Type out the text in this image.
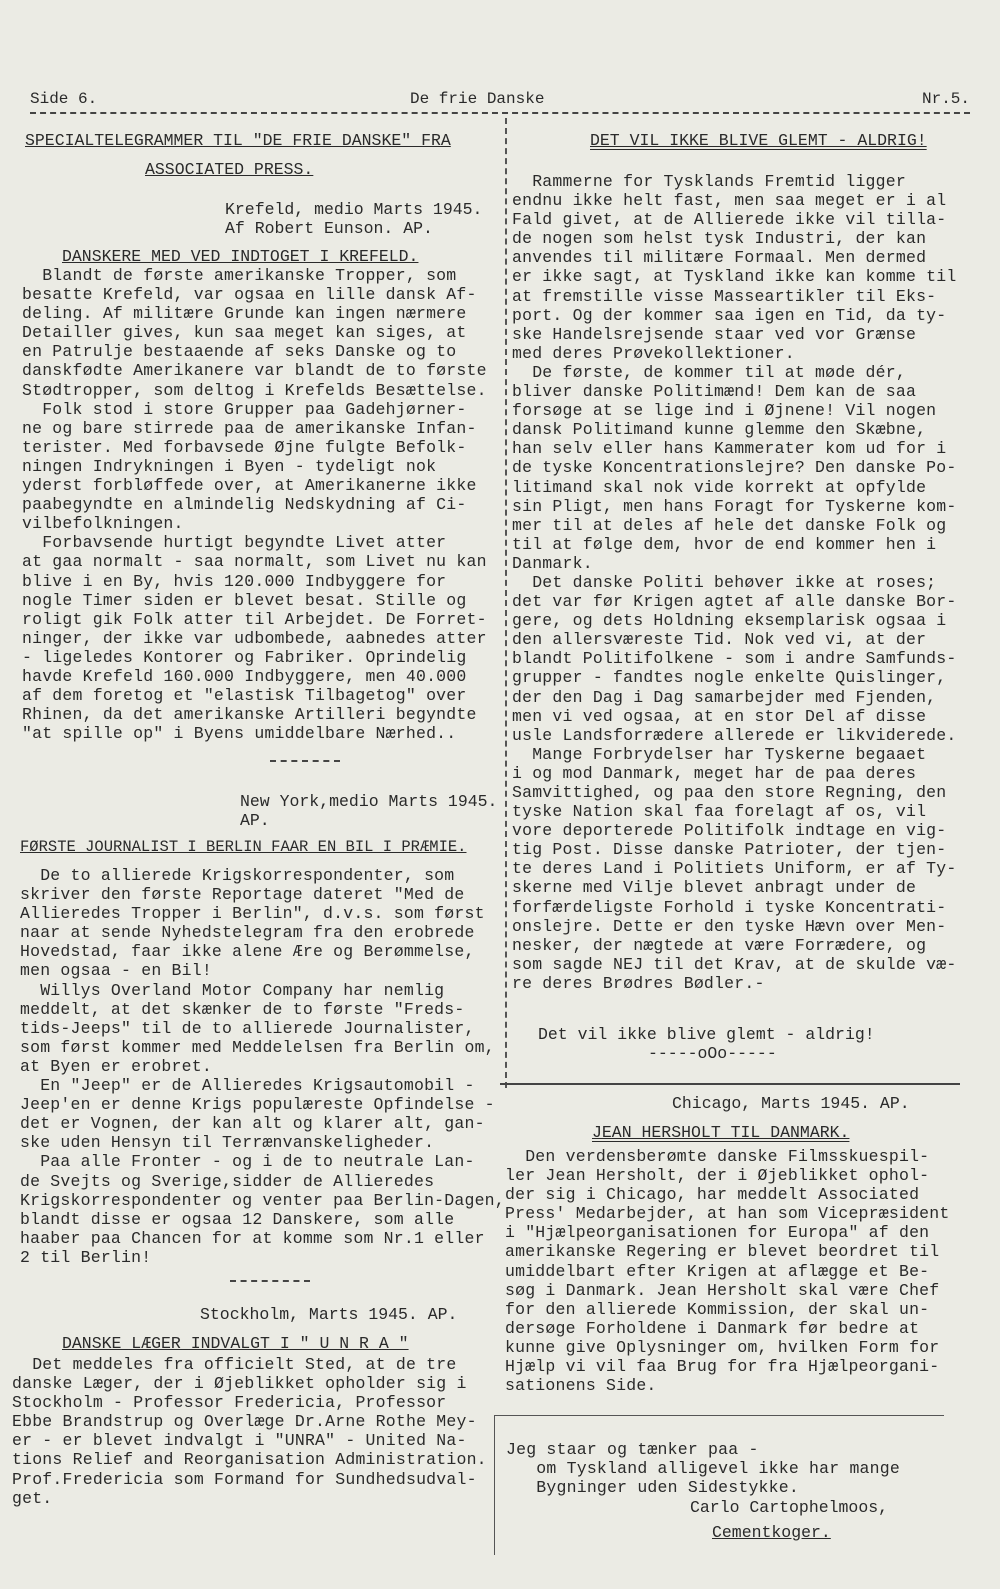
Side 6.	De frie Danske	Nr.5.
SPECIALTELEGRAMMER TIL "DE FRIE DANSKE" FRA
ASSOCIATED PRESS.
Krefeld, medio Marts 1945.
Af Robert Eunson. AP.
DANSKERE MED VED INDTOGET I KREFELD.
Blandt de første amerikanske Tropper, som
besatte Krefeld, var ogsaa en lille dansk Af-
deling. Af militære Grunde kan ingen nærmere
Detailler gives, kun saa meget kan siges, at
en Patrulje bestaaende af seks Danske og to
danskfødte Amerikanere var blandt de to første
Stødtropper, som deltog i Krefelds Besættelse.
Folk stod i store Grupper paa Gadehjørner-
ne og bare stirrede paa de amerikanske Infan-
terister. Med forbavsede Øjne fulgte Befolk-
ningen Indrykningen i Byen - tydeligt nok
yderst forbløffede over, at Amerikanerne ikke
paabegyndte en almindelig Nedskydning af Ci-
vilbefolkningen.
Forbavsende hurtigt begyndte Livet atter
at gaa normalt - saa normalt, som Livet nu kan
blive i en By, hvis 120.000 Indbyggere for
nogle Timer siden er blevet besat. Stille og
roligt gik Folk atter til Arbejdet. De Forret-
ninger, der ikke var udbombede, aabnedes atter
- ligeledes Kontorer og Fabriker. Oprindelig
havde Krefeld 160.000 Indbyggere, men 40.000
af dem foretog et "elastisk Tilbagetog" over
Rhinen, da det amerikanske Artilleri begyndte
"at spille op" i Byens umiddelbare Nærhed..
New York,medio Marts 1945.
AP.
FØRSTE JOURNALIST I BERLIN FAAR EN BIL I PRÆMIE.
De to allierede Krigskorrespondenter, som
skriver den første Reportage dateret "Med de
Allieredes Tropper i Berlin", d.v.s. som først
naar at sende Nyhedstelegram fra den erobrede
Hovedstad, faar ikke alene Ære og Berømmelse,
men ogsaa - en Bil!
Willys Overland Motor Company har nemlig
meddelt, at det skænker de to første "Freds-
tids-Jeeps" til de to allierede Journalister,
som først kommer med Meddelelsen fra Berlin om,
at Byen er erobret.
En "Jeep" er de Allieredes Krigsautomobil -
Jeep'en er denne Krigs populæreste Opfindelse -
det er Vognen, der kan alt og klarer alt, gan-
ske uden Hensyn til Terrænvanskeligheder.
Paa alle Fronter - og i de to neutrale Lan-
de Svejts og Sverige,sidder de Allieredes
Krigskorrespondenter og venter paa Berlin-Dagen,
blandt disse er ogsaa 12 Danskere, som alle
haaber paa Chancen for at komme som Nr.1 eller
2 til Berlin!
Stockholm, Marts 1945. AP.
DANSKE LÆGER INDVALGT I " U N R A "
Det meddeles fra officielt Sted, at de tre
danske Læger, der i Øjeblikket opholder sig i
Stockholm - Professor Fredericia, Professor
Ebbe Brandstrup og Overlæge Dr.Arne Rothe Mey-
er - er blevet indvalgt i "UNRA" - United Na-
tions Relief and Reorganisation Administration.
Prof.Fredericia som Formand for Sundhedsudval-
get.
DET VIL IKKE BLIVE GLEMT - ALDRIG!
Rammerne for Tysklands Fremtid ligger
endnu ikke helt fast, men saa meget er i al
Fald givet, at de Allierede ikke vil tilla-
de nogen som helst tysk Industri, der kan
anvendes til militære Formaal. Men dermed
er ikke sagt, at Tyskland ikke kan komme til
at fremstille visse Masseartikler til Eks-
port. Og der kommer saa igen en Tid, da ty-
ske Handelsrejsende staar ved vor Grænse
med deres Prøvekollektioner.
De første, de kommer til at møde dér,
bliver danske Politimænd! Dem kan de saa
forsøge at se lige ind i Øjnene! Vil nogen
dansk Politimand kunne glemme den Skæbne,
han selv eller hans Kammerater kom ud for i
de tyske Koncentrationslejre? Den danske Po-
litimand skal nok vide korrekt at opfylde
sin Pligt, men hans Foragt for Tyskerne kom-
mer til at deles af hele det danske Folk og
til at følge dem, hvor de end kommer hen i
Danmark.
Det danske Politi behøver ikke at roses;
det var før Krigen agtet af alle danske Bor-
gere, og dets Holdning eksemplarisk ogsaa i
den allersværeste Tid. Nok ved vi, at der
blandt Politifolkene - som i andre Samfunds-
grupper - fandtes nogle enkelte Quislinger,
der den Dag i Dag samarbejder med Fjenden,
men vi ved ogsaa, at en stor Del af disse
usle Landsforrædere allerede er likviderede.
Mange Forbrydelser har Tyskerne begaaet
i og mod Danmark, meget har de paa deres
Samvittighed, og paa den store Regning, den
tyske Nation skal faa forelagt af os, vil
vore deporterede Politifolk indtage en vig-
tig Post. Disse danske Patrioter, der tjen-
te deres Land i Politiets Uniform, er af Ty-
skerne med Vilje blevet anbragt under de
forfærdeligste Forhold i tyske Koncentrati-
onslejre. Dette er den tyske Hævn over Men-
nesker, der nægtede at være Forrædere, og
som sagde NEJ til det Krav, at de skulde væ-
re deres Brødres Bødler.-
Det vil ikke blive glemt - aldrig!
-----oOo-----
Chicago, Marts 1945. AP.
JEAN HERSHOLT TIL DANMARK.
Den verdensberømte danske Filmsskuespil-
ler Jean Hersholt, der i Øjeblikket ophol-
der sig i Chicago, har meddelt Associated
Press' Medarbejder, at han som Vicepræsident
i "Hjælpeorganisationen for Europa" af den
amerikanske Regering er blevet beordret til
umiddelbart efter Krigen at aflægge et Be-
søg i Danmark. Jean Hersholt skal være Chef
for den allierede Kommission, der skal un-
dersøge Forholdene i Danmark før bedre at
kunne give Oplysninger om, hvilken Form for
Hjælp vi vil faa Brug for fra Hjælpeorgani-
sationens Side.
Jeg staar og tænker paa -
om Tyskland alligevel ikke har mange
Bygninger uden Sidestykke.
Carlo Cartophelmoos,
Cementkoger.
